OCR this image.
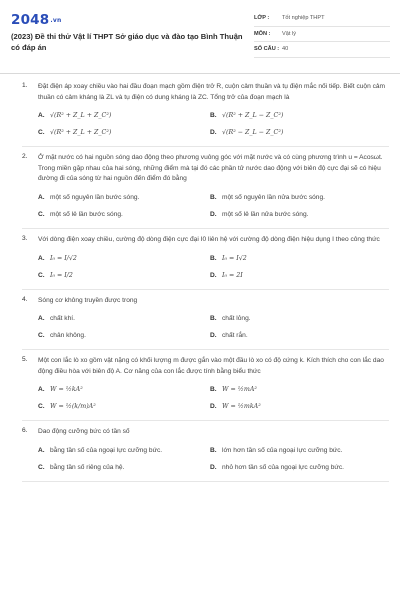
2048.vn
(2023) Đề thi thử Vật lí THPT Sở giáo dục và đào tạo Bình Thuận có đáp án
LỚP :	Tốt nghiệp THPT
MÔN :	Vật lý
SỐ CÂU : 40
1. Đặt điện áp xoay chiều vào hai đầu đoạn mạch gồm điện trở R, cuộn cảm thuần và tụ điện mắc nối tiếp. Biết cuộn cảm thuần có cảm kháng là ZL và tụ điện có dung kháng là ZC. Tổng trở của đoạn mạch là
A. √(R² + Z_L + Z_C²)	B. √(R² + Z_L − Z_C²)
C. √(R² + Z_L + Z_C²)	D. √(R² − Z_L − Z_C²)
2. Ở mặt nước có hai nguồn sóng dao động theo phương vuông góc với mặt nước và có cùng phương trình u = Acosωt. Trong miền gặp nhau của hai sóng, những điểm mà tại đó các phần tử nước dao động với biên độ cực đại sẽ có hiệu đường đi của sóng từ hai nguồn đến điểm đó bằng
A. một số nguyên lần bước sóng.	B. một số nguyên lần nửa bước sóng.
C. một số lẻ lần bước sóng.	D. một số lẻ lần nửa bước sóng.
3. Với dòng điện xoay chiều, cường độ dòng điện cực đại I0 liên hệ với cường độ dòng điện hiệu dụng I theo công thức
A. I₀ = I/√2	B. I₀ = I√2
C. I₀ = I/2	D. I₀ = 2I
4. Sóng cơ không truyền được trong
A. chất khí.	B. chất lỏng.
C. chân không.	D. chất rắn.
5. Một con lắc lò xo gồm vật nặng có khối lượng m được gắn vào một đầu lò xo có độ cứng k. Kích thích cho con lắc dao động điều hòa với biên độ A. Cơ năng của con lắc được tính bằng biểu thức
A. W = ½kA²	B. W = ½mA²
C. W = ½(k/m)A²	D. W = ½mkA²
6. Dao động cưỡng bức có tần số
A. bằng tần số của ngoại lực cưỡng bức.	B. lớn hơn tần số của ngoại lực cưỡng bức.
C. bằng tần số riêng của hệ.	D. nhỏ hơn tần số của ngoại lực cưỡng bức.
